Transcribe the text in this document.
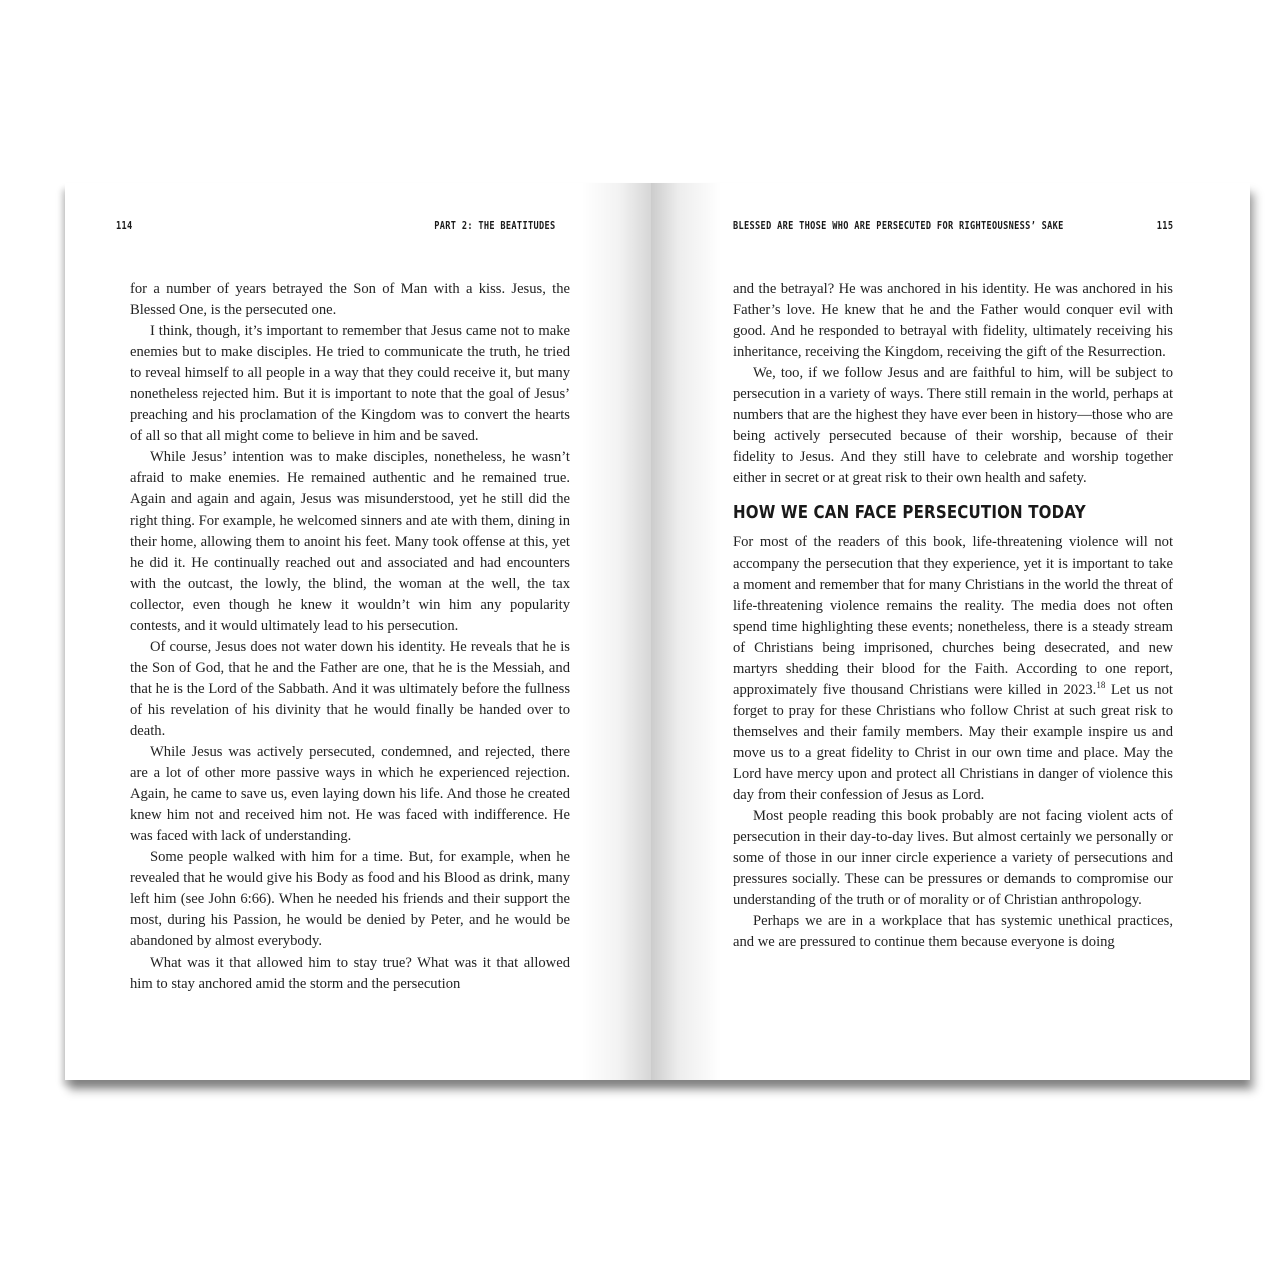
114	PART 2: THE BEATITUDES

for a number of years betrayed the Son of Man with a kiss. Jesus, the Blessed One, is the persecuted one.

I think, though, it’s important to remember that Jesus came not to make enemies but to make disciples. He tried to communicate the truth, he tried to reveal himself to all people in a way that they could receive it, but many nonetheless rejected him. But it is important to note that the goal of Jesus’ preaching and his proclamation of the Kingdom was to convert the hearts of all so that all might come to believe in him and be saved.

While Jesus’ intention was to make disciples, nonetheless, he wasn’t afraid to make enemies. He remained authentic and he remained true. Again and again and again, Jesus was misunderstood, yet he still did the right thing. For example, he welcomed sinners and ate with them, dining in their home, allowing them to anoint his feet. Many took offense at this, yet he did it. He continually reached out and associated and had encounters with the outcast, the lowly, the blind, the woman at the well, the tax collector, even though he knew it wouldn’t win him any popularity contests, and it would ultimately lead to his persecution.

Of course, Jesus does not water down his identity. He reveals that he is the Son of God, that he and the Father are one, that he is the Messiah, and that he is the Lord of the Sabbath. And it was ultimately before the fullness of his revelation of his divinity that he would finally be handed over to death.

While Jesus was actively persecuted, condemned, and rejected, there are a lot of other more passive ways in which he experienced rejection. Again, he came to save us, even laying down his life. And those he created knew him not and received him not. He was faced with indifference. He was faced with lack of understanding.

Some people walked with him for a time. But, for example, when he revealed that he would give his Body as food and his Blood as drink, many left him (see John 6:66). When he needed his friends and their support the most, during his Passion, he would be denied by Peter, and he would be abandoned by almost everybody.

What was it that allowed him to stay true? What was it that allowed him to stay anchored amid the storm and the persecution

BLESSED ARE THOSE WHO ARE PERSECUTED FOR RIGHTEOUSNESS’ SAKE	115

and the betrayal? He was anchored in his identity. He was anchored in his Father’s love. He knew that he and the Father would conquer evil with good. And he responded to betrayal with fidelity, ultimately receiving his inheritance, receiving the Kingdom, receiving the gift of the Resurrection.

We, too, if we follow Jesus and are faithful to him, will be subject to persecution in a variety of ways. There still remain in the world, perhaps at numbers that are the highest they have ever been in history—those who are being actively persecuted because of their worship, because of their fidelity to Jesus. And they still have to celebrate and worship together either in secret or at great risk to their own health and safety.

HOW WE CAN FACE PERSECUTION TODAY

For most of the readers of this book, life-threatening violence will not accompany the persecution that they experience, yet it is important to take a moment and remember that for many Christians in the world the threat of life-threatening violence remains the reality. The media does not often spend time highlighting these events; nonetheless, there is a steady stream of Christians being imprisoned, churches being desecrated, and new martyrs shedding their blood for the Faith. According to one report, approximately five thousand Christians were killed in 2023.18 Let us not forget to pray for these Christians who follow Christ at such great risk to themselves and their family members. May their example inspire us and move us to a great fidelity to Christ in our own time and place. May the Lord have mercy upon and protect all Christians in danger of violence this day from their confession of Jesus as Lord.

Most people reading this book probably are not facing violent acts of persecution in their day-to-day lives. But almost certainly we personally or some of those in our inner circle experience a variety of persecutions and pressures socially. These can be pressures or demands to compromise our understanding of the truth or of morality or of Christian anthropology.

Perhaps we are in a workplace that has systemic unethical practices, and we are pressured to continue them because everyone is doing
